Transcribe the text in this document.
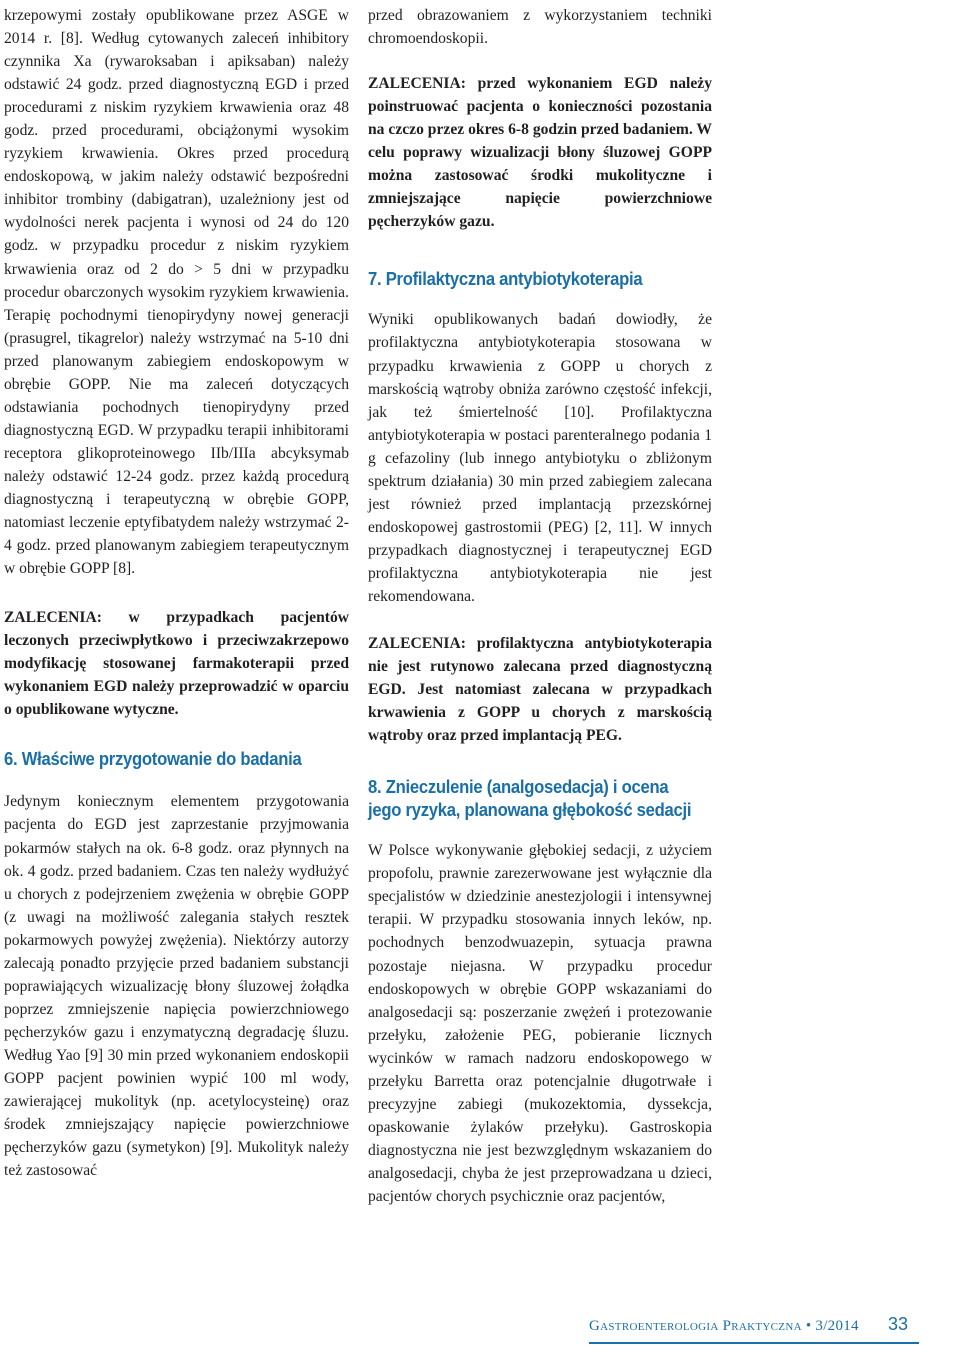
krzepowymi zostały opublikowane przez ASGE w 2014 r. [8]. Według cytowanych zaleceń inhibitory czynnika Xa (rywaroksaban i apiksaban) należy odstawić 24 godz. przed diagnostyczną EGD i przed procedurami z niskim ryzykiem krwawienia oraz 48 godz. przed procedurami, obciążonymi wysokim ryzykiem krwawienia. Okres przed procedurą endoskopową, w jakim należy odstawić bezpośredni inhibitor trombiny (dabigatran), uzależniony jest od wydolności nerek pacjenta i wynosi od 24 do 120 godz. w przypadku procedur z niskim ryzykiem krwawienia oraz od 2 do > 5 dni w przypadku procedur obarczonych wysokim ryzykiem krwawienia. Terapię pochodnymi tienopirydyny nowej generacji (prasugrel, tikagrelor) należy wstrzymać na 5-10 dni przed planowanym zabiegiem endoskopowym w obrębie GOPP. Nie ma zaleceń dotyczących odstawiania pochodnych tienopirydyny przed diagnostyczną EGD. W przypadku terapii inhibitorami receptora glikoproteinowego IIb/IIIa abcyksymab należy odstawić 12-24 godz. przez każdą procedurą diagnostyczną i terapeutyczną w obrębie GOPP, natomiast leczenie eptyfibatydem należy wstrzymać 2-4 godz. przed planowanym zabiegiem terapeutycznym w obrębie GOPP [8].

ZALECENIA: w przypadkach pacjentów leczonych przeciwpłytkowo i przeciwzakrzepowo modyfikację stosowanej farmakoterapii przed wykonaniem EGD należy przeprowadzić w oparciu o opublikowane wytyczne.

6. Właściwe przygotowanie do badania

Jedynym koniecznym elementem przygotowania pacjenta do EGD jest zaprzestanie przyjmowania pokarmów stałych na ok. 6-8 godz. oraz płynnych na ok. 4 godz. przed badaniem. Czas ten należy wydłużyć u chorych z podejrzeniem zwężenia w obrębie GOPP (z uwagi na możliwość zalegania stałych resztek pokarmowych powyżej zwężenia). Niektórzy autorzy zalecają ponadto przyjęcie przed badaniem substancji poprawiających wizualizację błony śluzowej żołądka poprzez zmniejszenie napięcia powierzchniowego pęcherzyków gazu i enzymatyczną degradację śluzu. Według Yao [9] 30 min przed wykonaniem endoskopii GOPP pacjent powinien wypić 100 ml wody, zawierającej mukolityk (np. acetylocysteinę) oraz środek zmniejszający napięcie powierzchniowe pęcherzyków gazu (symetykon) [9]. Mukolityk należy też zastosować

przed obrazowaniem z wykorzystaniem techniki chromoendoskopii.

ZALECENIA: przed wykonaniem EGD należy poinstruować pacjenta o konieczności pozostania na czczo przez okres 6-8 godzin przed badaniem. W celu poprawy wizualizacji błony śluzowej GOPP można zastosować środki mukolityczne i zmniejszające napięcie powierzchniowe pęcherzyków gazu.

7. Profilaktyczna antybiotykoterapia

Wyniki opublikowanych badań dowiodły, że profilaktyczna antybiotykoterapia stosowana w przypadku krwawienia z GOPP u chorych z marskością wątroby obniża zarówno częstość infekcji, jak też śmiertelność [10]. Profilaktyczna antybiotykoterapia w postaci parenteralnego podania 1 g cefazoliny (lub innego antybiotyku o zbliżonym spektrum działania) 30 min przed zabiegiem zalecana jest również przed implantacją przezskórnej endoskopowej gastrostomii (PEG) [2, 11]. W innych przypadkach diagnostycznej i terapeutycznej EGD profilaktyczna antybiotykoterapia nie jest rekomendowana.

ZALECENIA: profilaktyczna antybiotykoterapia nie jest rutynowo zalecana przed diagnostyczną EGD. Jest natomiast zalecana w przypadkach krwawienia z GOPP u chorych z marskością wątroby oraz przed implantacją PEG.

8. Znieczulenie (analgosedacja) i ocena
jego ryzyka, planowana głębokość sedacji

W Polsce wykonywanie głębokiej sedacji, z użyciem propofolu, prawnie zarezerwowane jest wyłącznie dla specjalistów w dziedzinie anestezjologii i intensywnej terapii. W przypadku stosowania innych leków, np. pochodnych benzodwuazepin, sytuacja prawna pozostaje niejasna. W przypadku procedur endoskopowych w obrębie GOPP wskazaniami do analgosedacji są: poszerzanie zwężeń i protezowanie przełyku, założenie PEG, pobieranie licznych wycinków w ramach nadzoru endoskopowego w przełyku Barretta oraz potencjalnie długotrwałe i precyzyjne zabiegi (mukozektomia, dyssekcja, opaskowanie żylaków przełyku). Gastroskopia diagnostyczna nie jest bezwzględnym wskazaniem do analgosedacji, chyba że jest przeprowadzana u dzieci, pacjentów chorych psychicznie oraz pacjentów,

Gastroenterologia Praktyczna • 3/2014 33
